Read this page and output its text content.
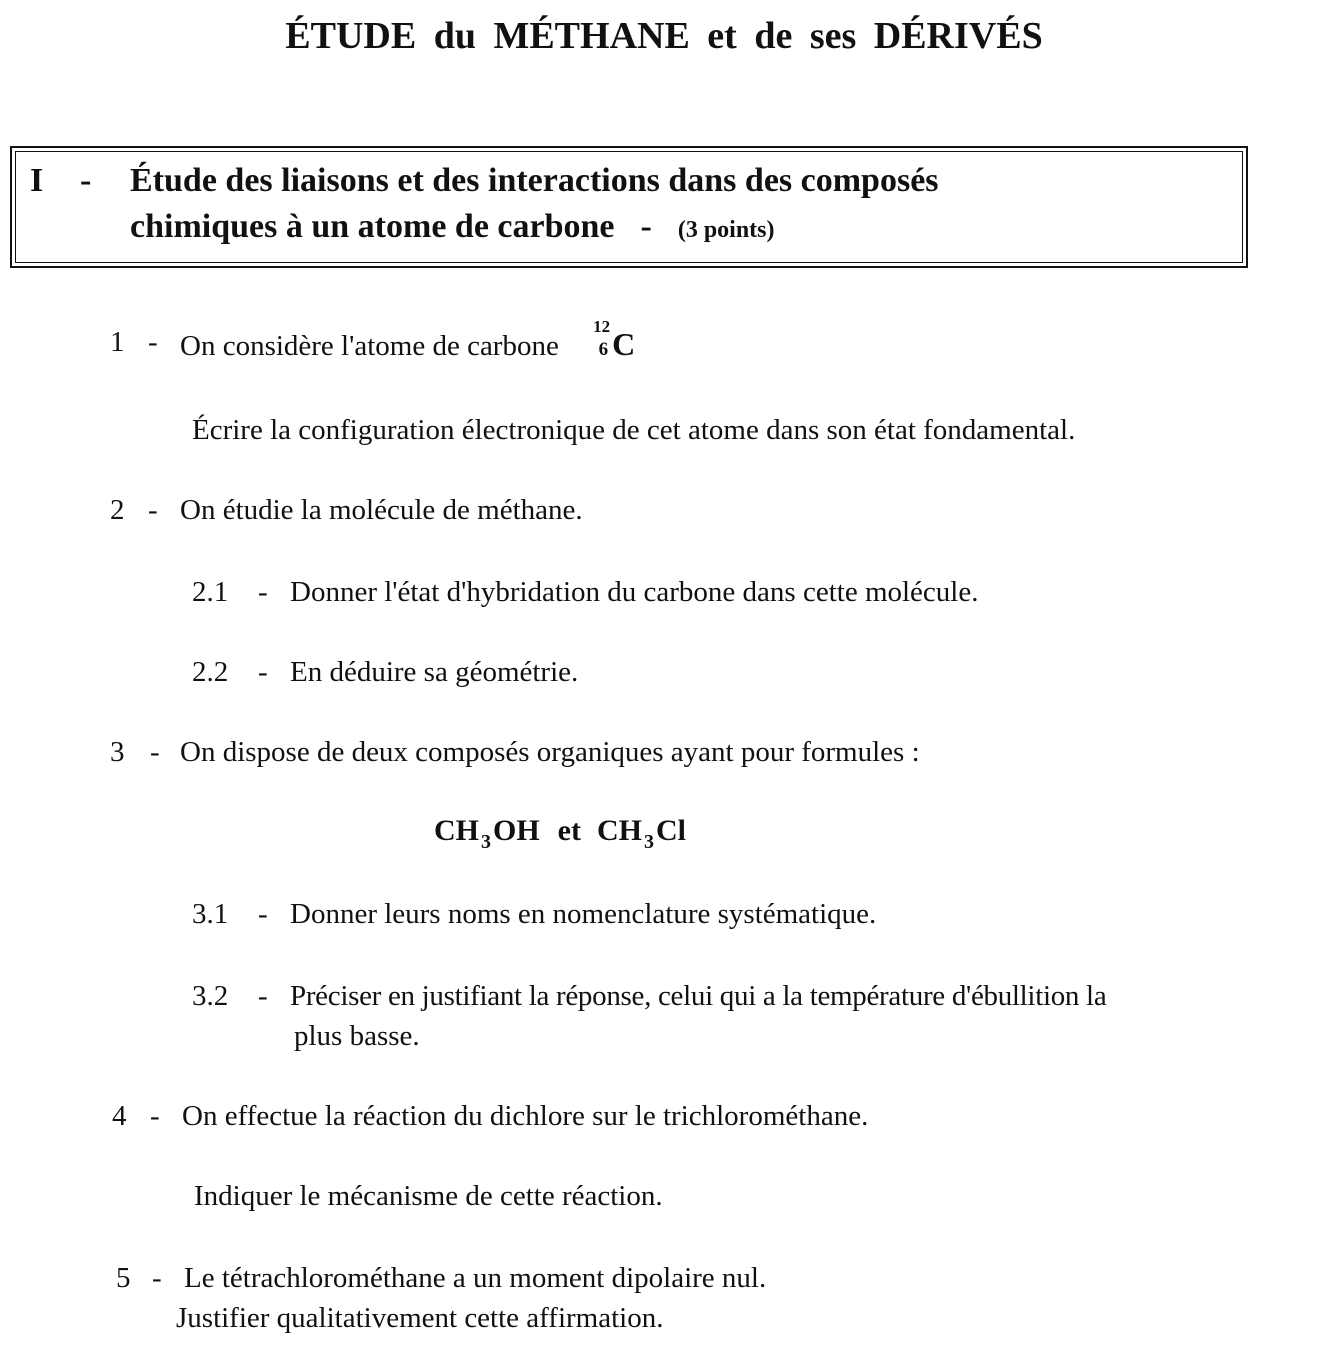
ÉTUDE du MÉTHANE et de ses DÉRIVÉS
I - Étude des liaisons et des interactions dans des composés
chimiques à un atome de carbone - (3 points)
1 - On considère l'atome de carbone
12
6 C
Écrire la configuration électronique de cet atome dans son état fondamental.
2 - On étudie la molécule de méthane.
2.1 - Donner l'état d'hybridation du carbone dans cette molécule.
2.2 - En déduire sa géométrie.
3 - On dispose de deux composés organiques ayant pour formules :
CH $_3$OH et CH $_3$Cl
3.1 - Donner leurs noms en nomenclature systématique.
3.2 - Préciser en justifiant la réponse, celui qui a la température d'ébullition la
plus basse.
4 - On effectue la réaction du dichlore sur le trichlorométhane.
Indiquer le mécanisme de cette réaction.
5 - Le tétrachlorométhane a un moment dipolaire nul.
Justifier qualitativement cette affirmation.
